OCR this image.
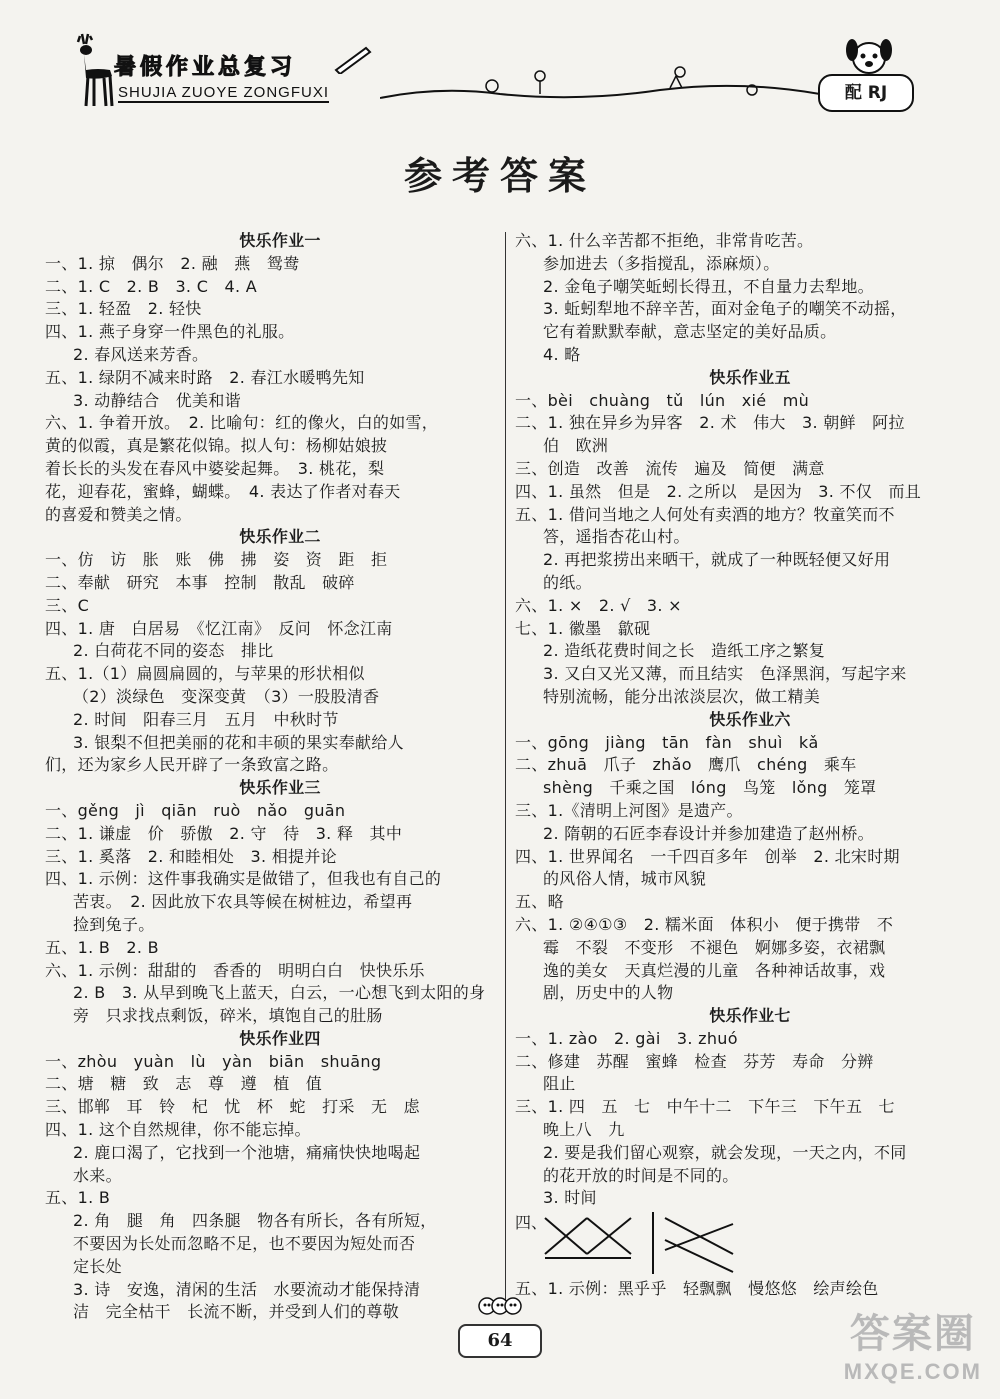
暑假作业总复习
SHUJIA ZUOYE ZONGFUXI	配 RJ
参考答案
快乐作业一
一、1. 掠　偶尔　2. 融　燕　鸳鸯
二、1. C　2. B　3. C　4. A
三、1. 轻盈　2. 轻快
四、1. 燕子身穿一件黑色的礼服。
2. 春风送来芳香。
五、1. 绿阴不减来时路　2. 春江水暖鸭先知
3. 动静结合　优美和谐
六、1. 争着开放。　2. 比喻句：红的像火，白的如雪，
黄的似霞，真是繁花似锦。拟人句：杨柳姑娘披
着长长的头发在春风中婆娑起舞。　3. 桃花，梨
花，迎春花，蜜蜂，蝴蝶。　4. 表达了作者对春天
的喜爱和赞美之情。
快乐作业二
一、仿　访　胀　账　佛　拂　姿　资　距　拒
二、奉献　研究　本事　控制　散乱　破碎
三、C
四、1. 唐　白居易　《忆江南》　反问　怀念江南
2. 白荷花不同的姿态　排比
五、1.（1）扁圆扁圆的，与苹果的形状相似
（2）淡绿色　变深变黄　（3）一股股清香
2. 时间　阳春三月　五月　中秋时节
3. 银梨不但把美丽的花和丰硕的果实奉献给人
们，还为家乡人民开辟了一条致富之路。
快乐作业三
一、gěng　jì　qiān　ruò　nǎo　guān
二、1. 谦虚　价　骄傲　2. 守　待　3. 释　其中
三、1. 奚落　2. 和睦相处　3. 相提并论
四、1. 示例：这件事我确实是做错了，但我也有自己的
苦衷。　2. 因此放下农具等候在树桩边，希望再
捡到兔子。
五、1. B　2. B
六、1. 示例：甜甜的　香香的　明明白白　快快乐乐
2. B　3. 从早到晚飞上蓝天，白云，一心想飞到太阳的身
旁　只求找点剩饭，碎米，填饱自己的肚肠
快乐作业四
一、zhòu　yuàn　lù　yàn　biān　shuāng
二、塘　糖　致　志　尊　遵　植　值
三、邯郸　耳　铃　杞　忧　杯　蛇　打采　无　虑
四、1. 这个自然规律，你不能忘掉。
2. 鹿口渴了，它找到一个池塘，痛痛快快地喝起
水来。
五、1. B
2. 角　腿　角　四条腿　物各有所长，各有所短，
不要因为长处而忽略不足，也不要因为短处而否
定长处
3. 诗　安逸，清闲的生活　水要流动才能保持清
洁　完全枯干　长流不断，并受到人们的尊敬
六、1. 什么辛苦都不拒绝，非常肯吃苦。
参加进去（多指搅乱，添麻烦）。
2. 金龟子嘲笑蚯蚓长得丑，不自量力去犁地。
3. 蚯蚓犁地不辞辛苦，面对金龟子的嘲笑不动摇，
它有着默默奉献，意志坚定的美好品质。
4. 略
快乐作业五
一、bèi　chuàng　tǔ　lún　xié　mù
二、1. 独在异乡为异客　2. 术　伟大　3. 朝鲜　阿拉
伯　欧洲
三、创造　改善　流传　遍及　简便　满意
四、1. 虽然　但是　2. 之所以　是因为　3. 不仅　而且
五、1. 借问当地之人何处有卖酒的地方？牧童笑而不
答，遥指杏花山村。
2. 再把浆捞出来晒干，就成了一种既轻便又好用
的纸。
六、1. ×　2. √　3. ×
七、1. 徽墨　歙砚
2. 造纸花费时间之长　造纸工序之繁复
3. 又白又光又薄，而且结实　色泽黑润，写起字来
特别流畅，能分出浓淡层次，做工精美
快乐作业六
一、gōng　jiàng　tān　fàn　shuì　kǎ
二、zhuā　爪子　zhǎo　鹰爪　chéng　乘车
shèng　千乘之国　lóng　鸟笼　lǒng　笼罩
三、1.《清明上河图》是遗产。
2. 隋朝的石匠李春设计并参加建造了赵州桥。
四、1. 世界闻名　一千四百多年　创举　2. 北宋时期
的风俗人情，城市风貌
五、略
六、1. ②④①③　2. 糯米面　体积小　便于携带　不
霉　不裂　不变形　不褪色　婀娜多姿，衣裙飘
逸的美女　天真烂漫的儿童　各种神话故事，戏
剧，历史中的人物
快乐作业七
一、1. zào　2. gài　3. zhuó
二、修建　苏醒　蜜蜂　检查　芬芳　寿命　分辨
阻止
三、1. 四　五　七　中午十二　下午三　下午五　七
晚上八　九
2. 要是我们留心观察，就会发现，一天之内，不同
的花开放的时间是不同的。
3. 时间
四、
五、1. 示例：黑乎乎　轻飘飘　慢悠悠　绘声绘色
64	答案圈
MXQE.COM
